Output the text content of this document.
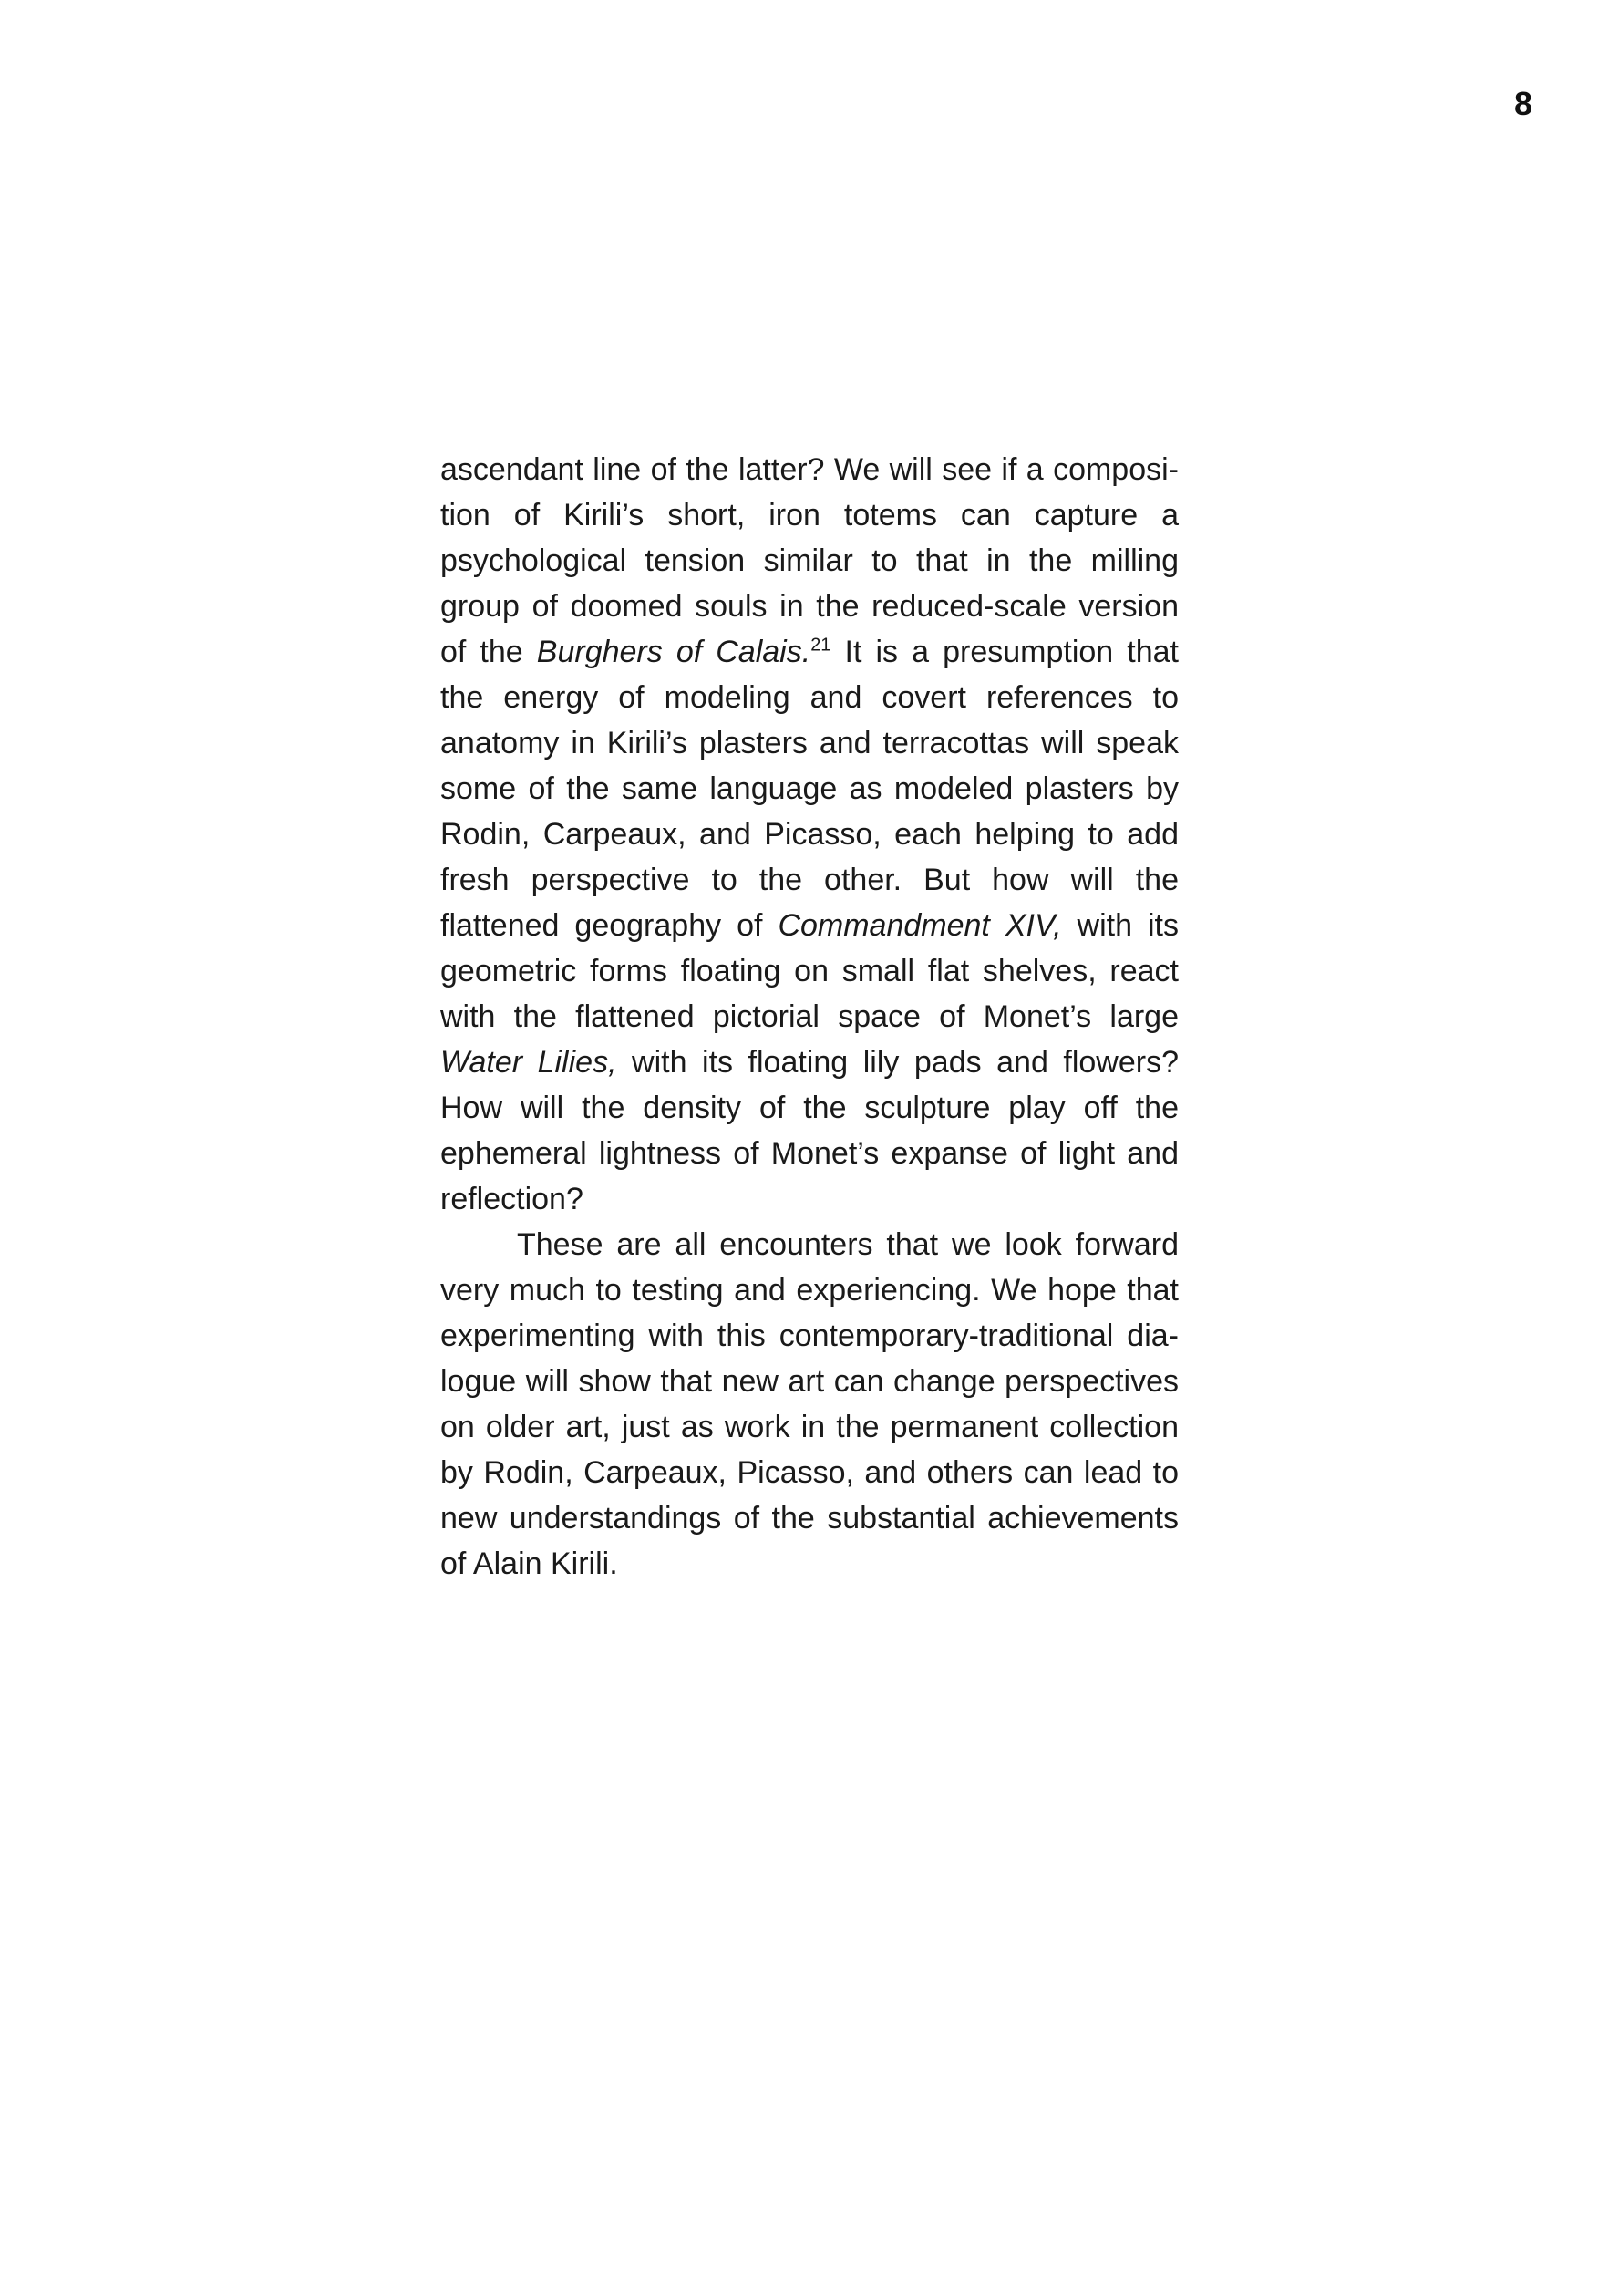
8

ascendant line of the latter? We will see if a composition of Kirili’s short, iron totems can capture a psychological tension similar to that in the milling group of doomed souls in the reduced-scale version of the Burghers of Calais.$^{21}$ It is a presumption that the energy of modeling and covert references to anatomy in Kirili’s plasters and terracottas will speak some of the same language as modeled plasters by Rodin, Carpeaux, and Picasso, each helping to add fresh perspective to the other. But how will the flattened geography of Commandment XIV, with its geometric forms floating on small flat shelves, react with the flattened pictorial space of Monet’s large Water Lilies, with its floating lily pads and flowers? How will the density of the sculpture play off the ephemeral lightness of Monet’s expanse of light and reflection?

These are all encounters that we look forward very much to testing and experiencing. We hope that experimenting with this contemporary-traditional dialogue will show that new art can change perspectives on older art, just as work in the permanent collection by Rodin, Carpeaux, Picasso, and others can lead to new understandings of the substantial achievements of Alain Kirili.
